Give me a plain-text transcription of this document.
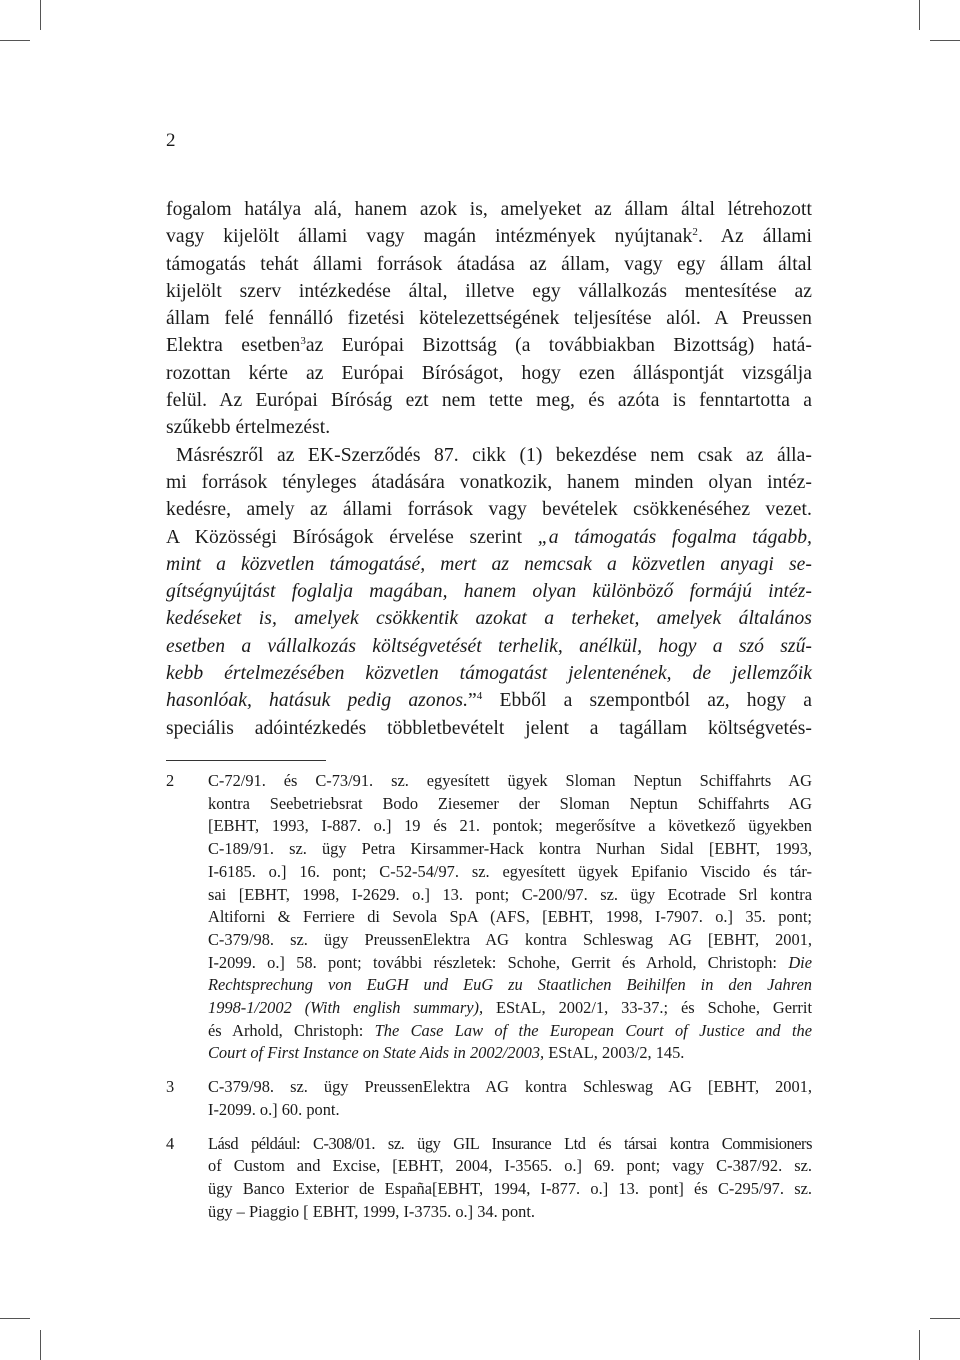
2

fogalom hatálya alá, hanem azok is, amelyeket az állam által létrehozott
vagy kijelölt állami vagy magán intézmények nyújtanak$^2$. Az állami
támogatás tehát állami források átadása az állam, vagy egy állam által
kijelölt szerv intézkedése által, illetve egy vállalkozás mentesítése az
állam felé fennálló fizetési kötelezettségének teljesítése alól. A Preussen
Elektra esetben$^3$az Európai Bizottság (a továbbiakban Bizottság) hatá-
rozottan kérte az Európai Bíróságot, hogy ezen álláspontját vizsgálja
felül. Az Európai Bíróság ezt nem tette meg, és azóta is fenntartotta a
szűkebb értelmezést.
Másrészről az EK-Szerződés 87. cikk (1) bekezdése nem csak az álla-
mi források tényleges átadására vonatkozik, hanem minden olyan intéz-
kedésre, amely az állami források vagy bevételek csökkenéséhez vezet.
A Közösségi Bíróságok érvelése szerint „a támogatás fogalma tágabb,
mint a közvetlen támogatásé, mert az nemcsak a közvetlen anyagi se-
gítségnyújtást foglalja magában, hanem olyan különböző formájú intéz-
kedéseket is, amelyek csökkentik azokat a terheket, amelyek általános
esetben a vállalkozás költségvetését terhelik, anélkül, hogy a szó szű-
kebb értelmezésében közvetlen támogatást jelentenének, de jellemzőik
hasonlóak, hatásuk pedig azonos.”$^4$ Ebből a szempontból az, hogy a
speciális adóintézkedés többletbevételt jelent a tagállam költségvetés-
2 C-72/91. és C-73/91. sz. egyesített ügyek Sloman Neptun Schiffahrts AG
kontra Seebetriebsrat Bodo Ziesemer der Sloman Neptun Schiffahrts AG
[EBHT, 1993, I-887. o.] 19 és 21. pontok; megerősítve a következő ügyekben
C-189/91. sz. ügy Petra Kirsammer-Hack kontra Nurhan Sidal [EBHT, 1993,
I-6185. o.] 16. pont; C-52-54/97. sz. egyesített ügyek Epifanio Viscido és tár-
sai [EBHT, 1998, I-2629. o.] 13. pont; C-200/97. sz. ügy Ecotrade Srl kontra
Altiforni & Ferriere di Sevola SpA (AFS, [EBHT, 1998, I-7907. o.] 35. pont;
C-379/98. sz. ügy PreussenElektra AG kontra Schleswag AG [EBHT, 2001,
I-2099. o.] 58. pont; további részletek: Schohe, Gerrit és Arhold, Christoph: Die
Rechtsprechung von EuGH und EuG zu Staatlichen Beihilfen in den Jahren
1998-1/2002 (With english summary), EStAL, 2002/1, 33-37.; és Schohe, Gerrit
és Arhold, Christoph: The Case Law of the European Court of Justice and the
Court of First Instance on State Aids in 2002/2003, EStAL, 2003/2, 145.
3 C-379/98. sz. ügy PreussenElektra AG kontra Schleswag AG [EBHT, 2001,
I-2099. o.] 60. pont.
4 Lásd például: C-308/01. sz. ügy GIL Insurance Ltd és társai kontra Commisioners
of Custom and Excise, [EBHT, 2004, I-3565. o.] 69. pont; vagy C-387/92. sz.
ügy Banco Exterior de España[EBHT, 1994, I-877. o.] 13. pont] és C-295/97. sz.
ügy – Piaggio [ EBHT, 1999, I-3735. o.] 34. pont.
